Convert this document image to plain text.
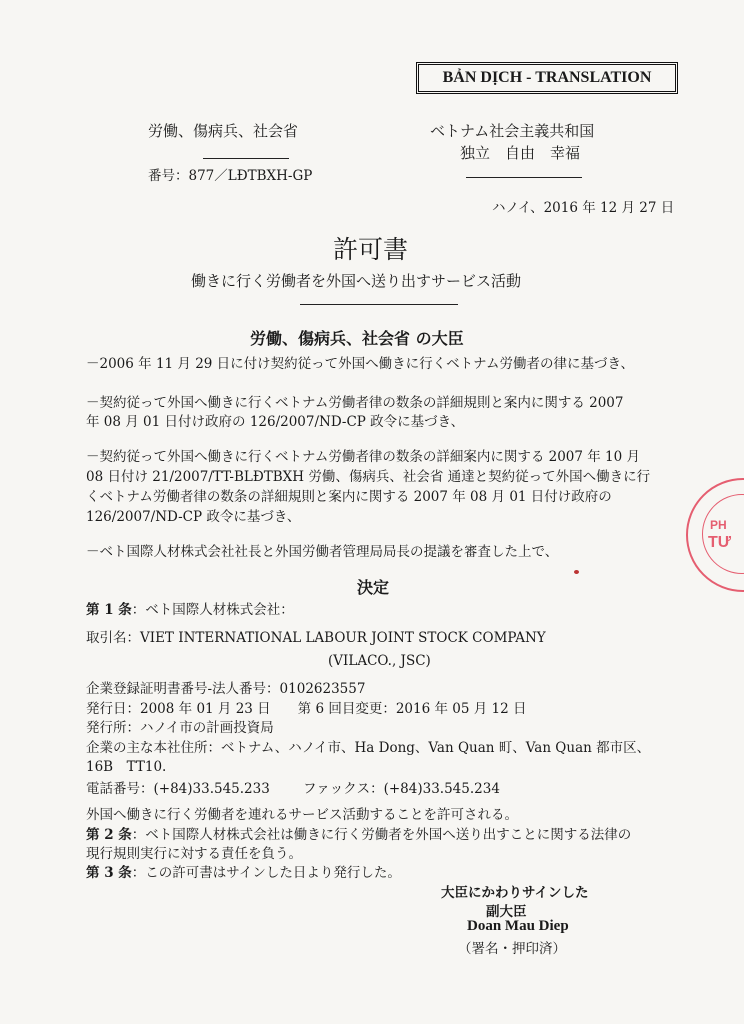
BẢN DỊCH - TRANSLATION
労働、傷病兵、社会省
番号：877／LĐTBXH-GP
ベトナム社会主義共和国
独立　自由　幸福
ハノイ、2016 年 12 月 27 日
許可書
働きに行く労働者を外国へ送り出すサービス活動
労働、傷病兵、社会省 の大臣
－2006 年 11 月 29 日に付け契約従って外国へ働きに行くベトナム労働者の律に基づき、
－契約従って外国へ働きに行くベトナム労働者律の数条の詳細規則と案内に関する 2007
年 08 月 01 日付け政府の 126/2007/ND-CP 政令に基づき、
－契約従って外国へ働きに行くベトナム労働者律の数条の詳細案内に関する 2007 年 10 月
08 日付け 21/2007/TT-BLĐTBXH 労働、傷病兵、社会省 通達と契約従って外国へ働きに行
くベトナム労働者律の数条の詳細規則と案内に関する 2007 年 08 月 01 日付け政府の
126/2007/ND-CP 政令に基づき、
－ベト国際人材株式会社社長と外国労働者管理局局長の提議を審査した上で、
決定
第 1 条：ベト国際人材株式会社：
取引名：VIET INTERNATIONAL LABOUR JOINT STOCK COMPANY
(VILACO., JSC)
企業登録証明書番号-法人番号：0102623557
発行日：2008 年 01 月 23 日　　第 6 回目変更：2016 年 05 月 12 日
発行所：ハノイ市の計画投資局
企業の主な本社住所：ベトナム、ハノイ市、Ha Dong、Van Quan 町、Van Quan 都市区、
16B　TT10.
電話番号：(+84)33.545.233 ファックス：(+84)33.545.234
外国へ働きに行く労働者を連れるサービス活動することを許可される。
第 2 条：ベト国際人材株式会社は働きに行く労働者を外国へ送り出すことに関する法律の
現行規則実行に対する責任を負う。
第 3 条：この許可書はサインした日より発行した。
大臣にかわりサインした
副大臣
Doan Mau Diep
（署名・押印済）
PH
TƯ
